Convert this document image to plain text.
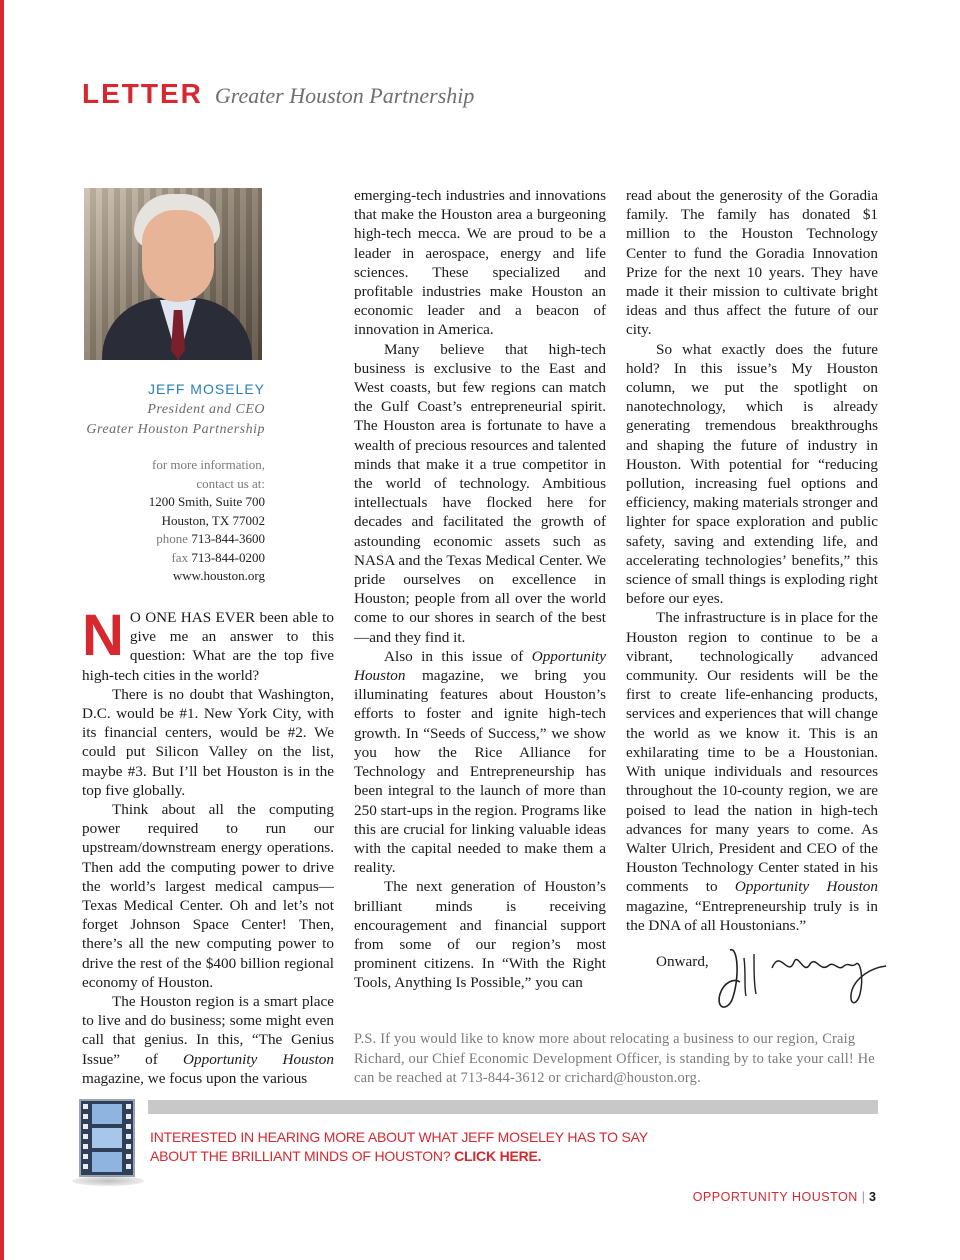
LETTER Greater Houston Partnership
JEFF MOSELEY
President and CEO
Greater Houston Partnership
for more information,
contact us at:
1200 Smith, Suite 700
Houston, TX 77002
phone 713-844-3600
fax 713-844-0200
www.houston.org

N O ONE HAS EVER been able to give me an answer to this question: What are the top five high-tech cities in the world?

There is no doubt that Washington, D.C. would be #1. New York City, with its financial centers, would be #2. We could put Silicon Valley on the list, maybe #3. But I’ll bet Houston is in the top five globally.

Think about all the computing power required to run our upstream/downstream energy operations. Then add the computing power to drive the world’s largest medical campus—Texas Medical Center. Oh and let’s not forget Johnson Space Center! Then, there’s all the new computing power to drive the rest of the $400 billion regional economy of Houston.

The Houston region is a smart place to live and do business; some might even call that genius. In this, “The Genius Issue” of Opportunity Houston magazine, we focus upon the various

emerging-tech industries and innovations that make the Houston area a burgeoning high-tech mecca. We are proud to be a leader in aerospace, energy and life sciences. These specialized and profitable industries make Houston an economic leader and a beacon of innovation in America.

Many believe that high-tech business is exclusive to the East and West coasts, but few regions can match the Gulf Coast’s entrepreneurial spirit. The Houston area is fortunate to have a wealth of precious resources and talented minds that make it a true competitor in the world of technology. Ambitious intellectuals have flocked here for decades and facilitated the growth of astounding economic assets such as NASA and the Texas Medical Center. We pride ourselves on excellence in Houston; people from all over the world come to our shores in search of the best—and they find it.

Also in this issue of Opportunity Houston magazine, we bring you illuminating features about Houston’s efforts to foster and ignite high-tech growth. In “Seeds of Success,” we show you how the Rice Alliance for Technology and Entrepreneurship has been integral to the launch of more than 250 start-ups in the region. Programs like this are crucial for linking valuable ideas with the capital needed to make them a reality.

The next generation of Houston’s brilliant minds is receiving encouragement and financial support from some of our region’s most prominent citizens. In “With the Right Tools, Anything Is Possible,” you can

read about the generosity of the Goradia family. The family has donated $1 million to the Houston Technology Center to fund the Goradia Innovation Prize for the next 10 years. They have made it their mission to cultivate bright ideas and thus affect the future of our city.

So what exactly does the future hold? In this issue’s My Houston column, we put the spotlight on nanotechnology, which is already generating tremendous breakthroughs and shaping the future of industry in Houston. With potential for “reducing pollution, increasing fuel options and efficiency, making materials stronger and lighter for space exploration and public safety, saving and extending life, and accelerating technologies’ benefits,” this science of small things is exploding right before our eyes.

The infrastructure is in place for the Houston region to continue to be a vibrant, technologically advanced community. Our residents will be the first to create life-enhancing products, services and experiences that will change the world as we know it. This is an exhilarating time to be a Houstonian. With unique individuals and resources throughout the 10-county region, we are poised to lead the nation in high-tech advances for many years to come. As Walter Ulrich, President and CEO of the Houston Technology Center stated in his comments to Opportunity Houston magazine, “Entrepreneurship truly is in the DNA of all Houstonians.”

Onward,
P.S. If you would like to know more about relocating a business to our region, Craig Richard, our Chief Economic Development Officer, is standing by to take your call! He can be reached at 713-844-3612 or crichard@houston.org.
INTERESTED IN HEARING MORE ABOUT WHAT JEFF MOSELEY HAS TO SAY
ABOUT THE BRILLIANT MINDS OF HOUSTON? CLICK HERE.
OPPORTUNITY HOUSTON | 3
